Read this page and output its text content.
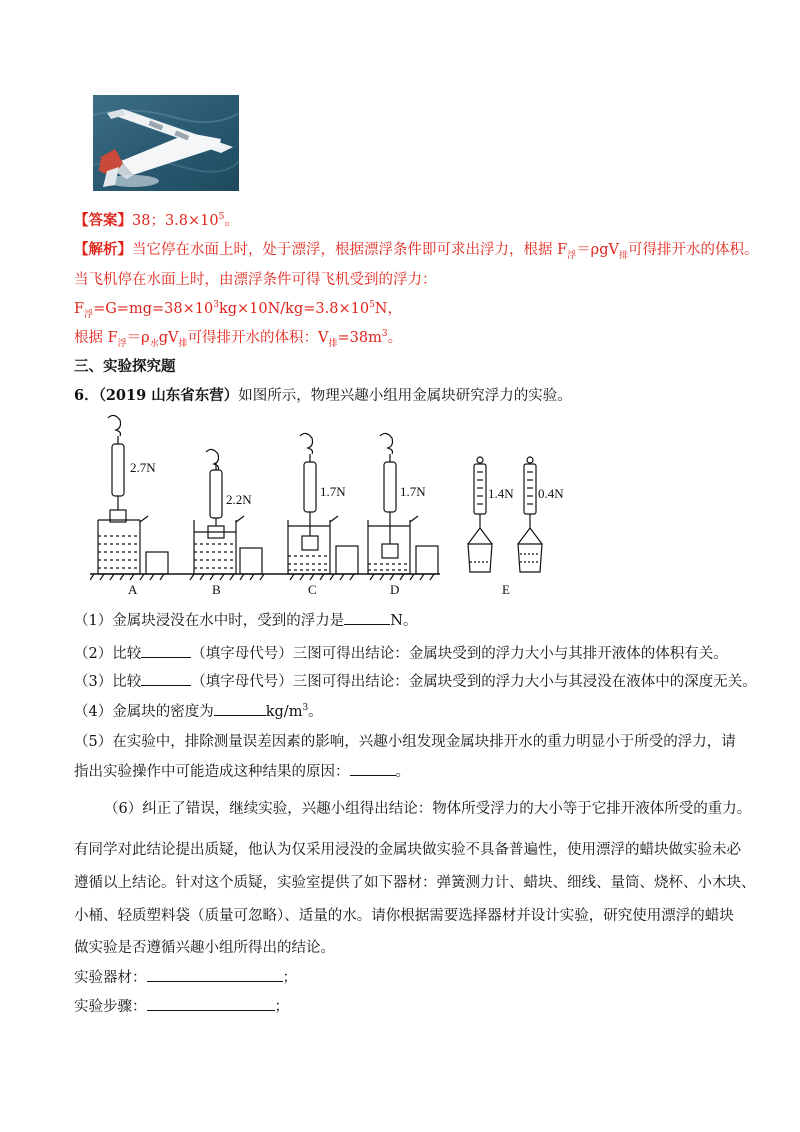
【答案】38；$3.8\times 10^5$。
【解析】当它停在水面上时，处于漂浮，根据漂浮条件即可求出浮力，根据 $F_浮=\rho gV_排$可得排开水的体积。
当飞机停在水面上时，由漂浮条件可得飞机受到的浮力：
$F_浮=G=mg=38\times 10^3kg\times 10N/kg=3.8\times 10^5N$，
根据 $F_浮=\rho_水gV_排$可得排开水的体积：$V_排=38m^3$。
三、实验探究题
6．（2019 山东省东营）如图所示，物理兴趣小组用金属块研究浮力的实验。
2.7N
2.2N
1.7N	1.7N	1.4N 0.4N
A	B	C	D	E
（1）金属块浸没在水中时，受到的浮力是	N。
（2）比较	（填字母代号）三图可得出结论：金属块受到的浮力大小与其排开液体的体积有关。
（3）比较	（填字母代号）三图可得出结论：金属块受到的浮力大小与其浸没在液体中的深度无关。
（4）金属块的密度为	$kg/m^3$。
（5）在实验中，排除测量误差因素的影响，兴趣小组发现金属块排开水的重力明显小于所受的浮力，请
指出实验操作中可能造成这种结果的原因：	。
（6）纠正了错误，继续实验，兴趣小组得出结论：物体所受浮力的大小等于它排开液体所受的重力。
有同学对此结论提出质疑，他认为仅采用浸没的金属块做实验不具备普遍性，使用漂浮的蜡块做实验未必
遵循以上结论。针对这个质疑，实验室提供了如下器材：弹簧测力计、蜡块、细线、量筒、烧杯、小木块、
小桶、轻质塑料袋（质量可忽略）、适量的水。请你根据需要选择器材并设计实验，研究使用漂浮的蜡块
做实验是否遵循兴趣小组所得出的结论。
实验器材：	；
实验步骤：	；
